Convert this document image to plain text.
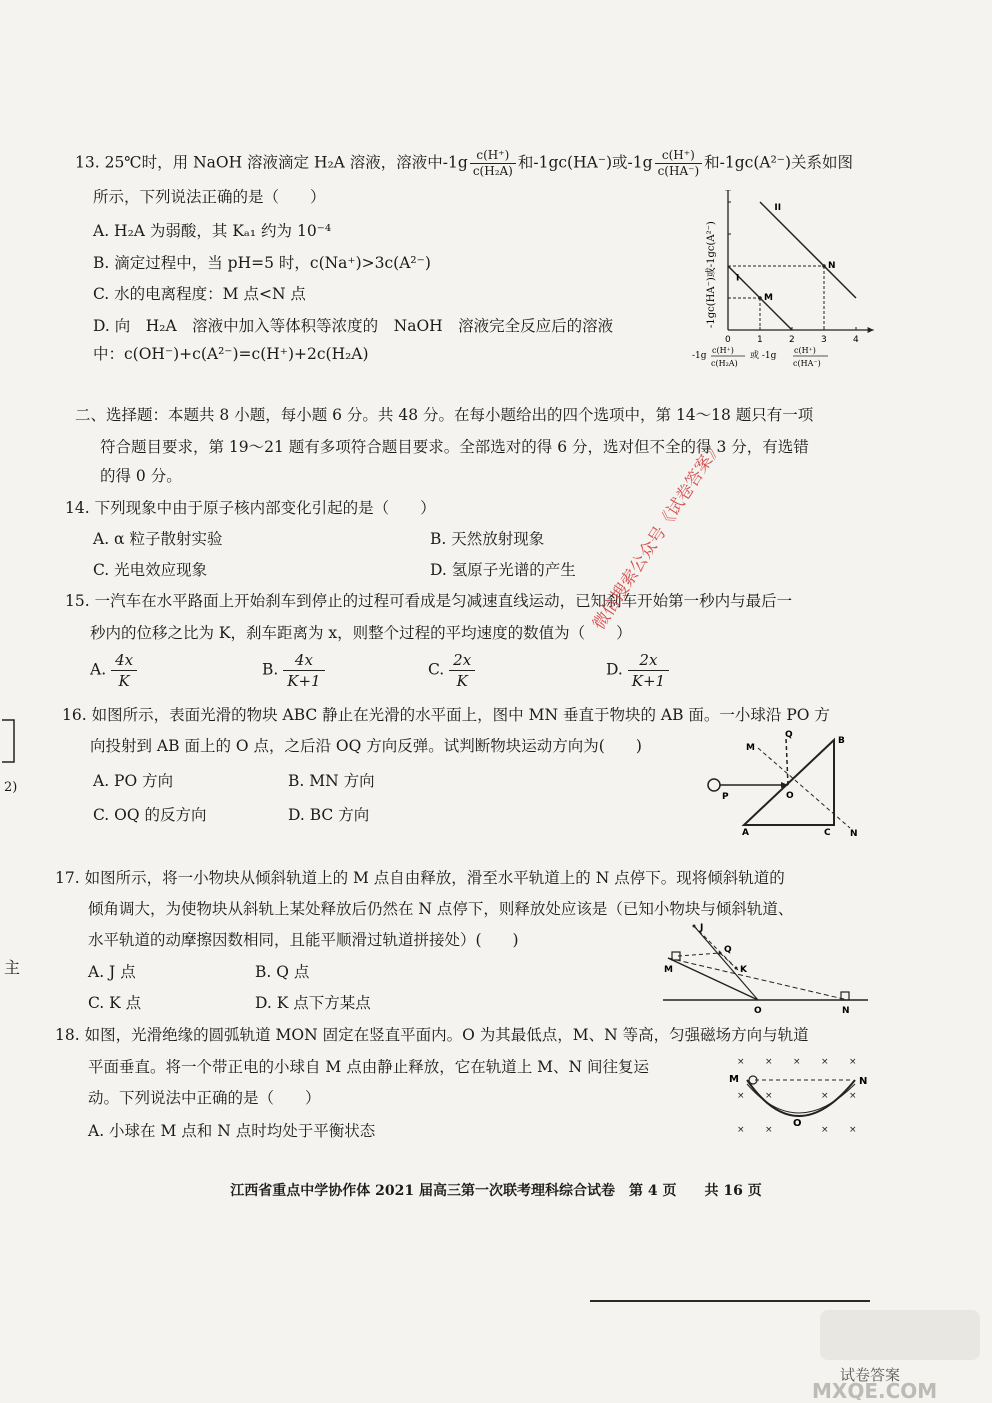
13. 25℃时，用 NaOH 溶液滴定 H₂A 溶液，溶液中$-1g \frac{c(H^+)}{\text{c(H₂A)}}$ 和-1gc(HA⁻)或$-1g \frac{c(H^+)}{c(HA^-)}$ 和-1gc(A²⁻)关系如图
所示，下列说法正确的是（　　）
A. H₂A 为弱酸，其 Kₐ₁ 约为 10⁻⁴
B. 滴定过程中，当 pH=5 时，c(Na⁺)>3c(A²⁻)
C. 水的电离程度：M 点<N 点
D. 向　H₂A　溶液中加入等体积等浓度的　NaOH　溶液完全反应后的溶液
中：c(OH⁻)+c(A²⁻)=c(H⁺)+2c(H₂A)
0	1	2	3	4
I
II
M
N
-1gc(HA⁻)或-1gc(A²⁻)
-1g
c(H⁺)
c(H₂A)
或 -1g
c(H⁺)
c(HA⁻)
二、选择题：本题共 8 小题，每小题 6 分。共 48 分。在每小题给出的四个选项中，第 14～18 题只有一项
符合题目要求，第 19～21 题有多项符合题目要求。全部选对的得 6 分，选对但不全的得 3 分，有选错
的得 0 分。
14. 下列现象中由于原子核内部变化引起的是（　　）
A. α 粒子散射实验	B. 天然放射现象
C. 光电效应现象	D. 氢原子光谱的产生
15. 一汽车在水平路面上开始刹车到停止的过程可看成是匀减速直线运动，已知刹车开始第一秒内与最后一
秒内的位移之比为 K，刹车距离为 x，则整个过程的平均速度的数值为（　　）
A. $\frac{4x}{K}$	B. $\frac{4x}{K+1}$	C. $\frac{2x}{K}$	D. $\frac{2x}{K+1}$
16. 如图所示，表面光滑的物块 ABC 静止在光滑的水平面上，图中 MN 垂直于物块的 AB 面。一小球沿 PO 方
向投射到 AB 面上的 O 点，之后沿 OQ 方向反弹。试判断物块运动方向为(　　)
A. PO 方向	B. MN 方向
C. OQ 的反方向	D. BC 方向
M
Q
B
P	O
A	C N
17. 如图所示，将一小物块从倾斜轨道上的 M 点自由释放，滑至水平轨道上的 N 点停下。现将倾斜轨道的
倾角调大，为使物块从斜轨上某处释放后仍然在 N 点停下，则释放处应该是（已知小物块与倾斜轨道、
水平轨道的动摩擦因数相同，且能平顺滑过轨道拼接处）(　　)
A. J 点	B. Q 点
C. K 点	D. K 点下方某点
J
Q
M	K
O	N
18. 如图，光滑绝缘的圆弧轨道 MON 固定在竖直平面内。O 为其最低点，M、N 等高，匀强磁场方向与轨道
平面垂直。将一个带正电的小球自 M 点由静止释放，它在轨道上 M、N 间往复运
动。下列说法中正确的是（　　）
A. 小球在 M 点和 N 点时均处于平衡状态
× × × × ×
× ×	× ×
× ×	× ×
M	N
O
2)
主
微信搜索公众号《试卷答案》
江西省重点中学协作体 2021 届高三第一次联考理科综合试卷　第 4 页　　共 16 页
试卷答案
MXQE.COM
